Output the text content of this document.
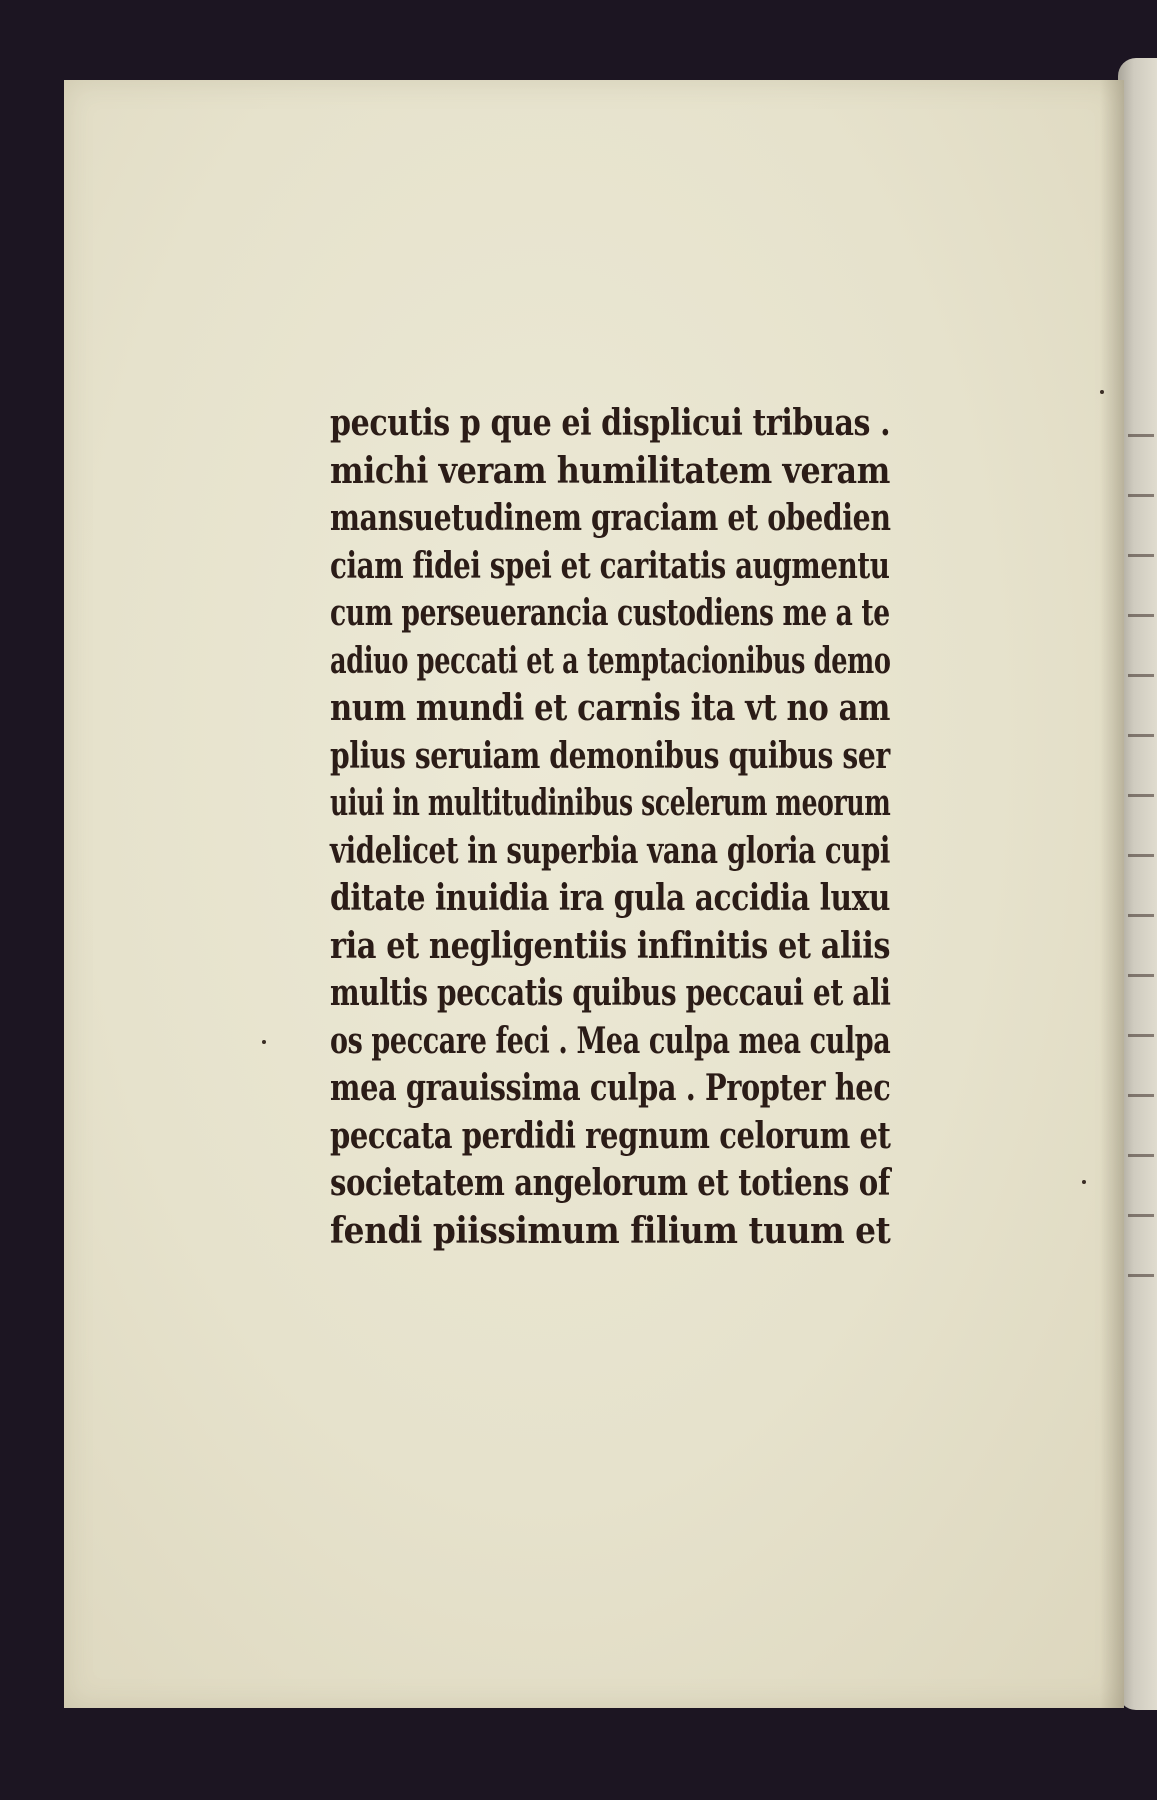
pecutis p que ei displicui tribuas .
michi veram humilitatem veram
mansuetudinem graciam et obedien
ciam fidei spei et caritatis augmentu
cum perseuerancia custodiens me a te
adiuo peccati et a temptacionibus demo
num mundi et carnis ita vt no am
plius seruiam demonibus quibus ser
uiui in multitudinibus scelerum meorum
videlicet in superbia vana gloria cupi
ditate inuidia ira gula accidia luxu
ria et negligentiis infinitis et aliis
multis peccatis quibus peccaui et ali
os peccare feci . Mea culpa mea culpa
mea grauissima culpa . Propter hec
peccata perdidi regnum celorum et
societatem angelorum et totiens of
fendi piissimum filium tuum et
